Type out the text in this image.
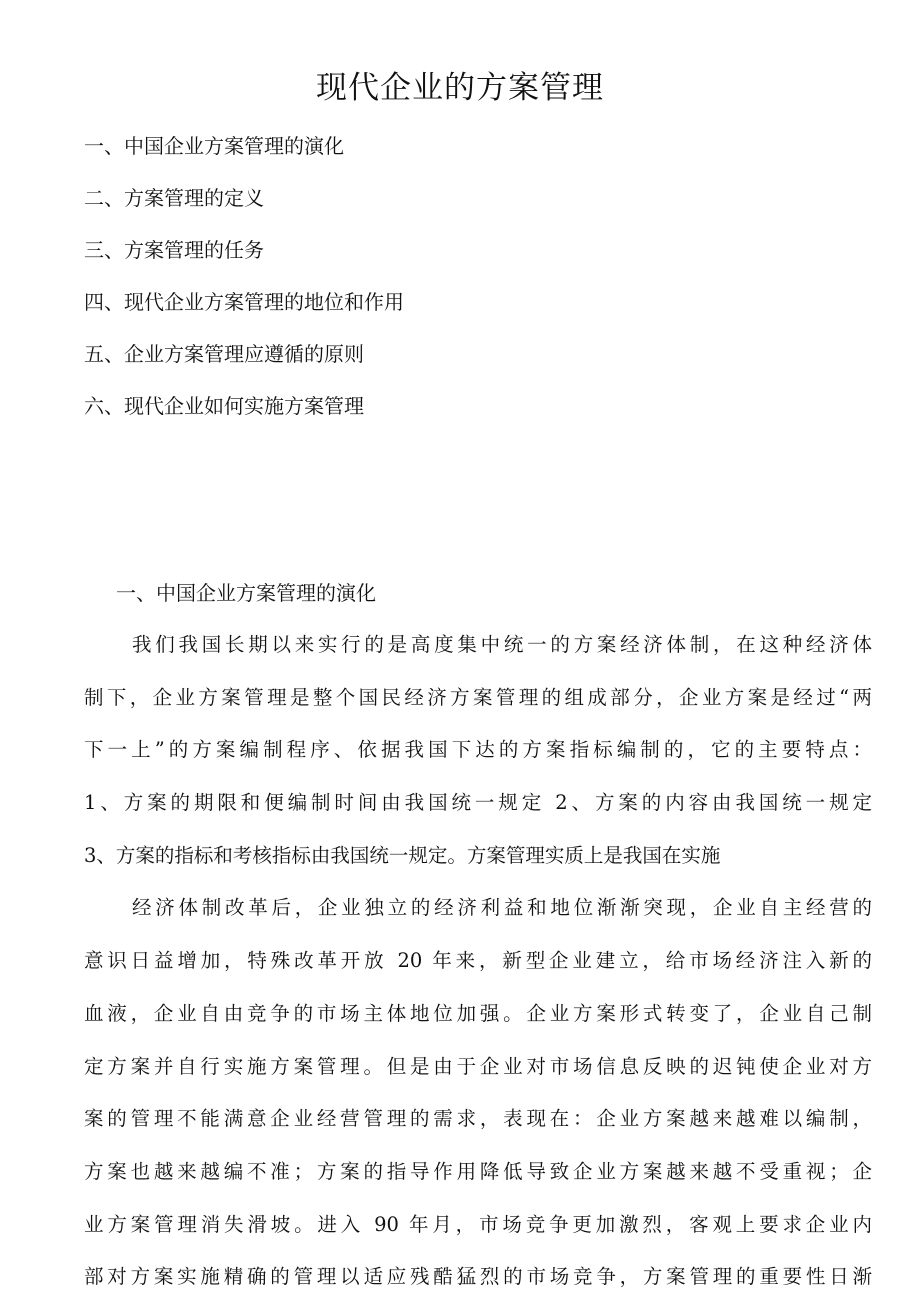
现代企业的方案管理
一、中国企业方案管理的演化
二、方案管理的定义
三、方案管理的任务
四、现代企业方案管理的地位和作用
五、企业方案管理应遵循的原则
六、现代企业如何实施方案管理
一、中国企业方案管理的演化
我们我国长期以来实行的是高度集中统一的方案经济体制，在这种经济体
制下，企业方案管理是整个国民经济方案管理的组成部分，企业方案是经过“两
下一上”的方案编制程序、依据我国下达的方案指标编制的，它的主要特点：
1、方案的期限和便编制时间由我国统一规定 2、方案的内容由我国统一规定
3、方案的指标和考核指标由我国统一规定。方案管理实质上是我国在实施
经济体制改革后，企业独立的经济利益和地位渐渐突现，企业自主经营的
意识日益增加，特殊改革开放 20 年来，新型企业建立，给市场经济注入新的
血液，企业自由竞争的市场主体地位加强。企业方案形式转变了，企业自己制
定方案并自行实施方案管理。但是由于企业对市场信息反映的迟钝使企业对方
案的管理不能满意企业经营管理的需求，表现在：企业方案越来越难以编制，
方案也越来越编不准；方案的指导作用降低导致企业方案越来越不受重视；企
业方案管理消失滑坡。进入 90 年月，市场竞争更加激烈，客观上要求企业内
部对方案实施精确的管理以适应残酷猛烈的市场竞争，方案管理的重要性日渐
